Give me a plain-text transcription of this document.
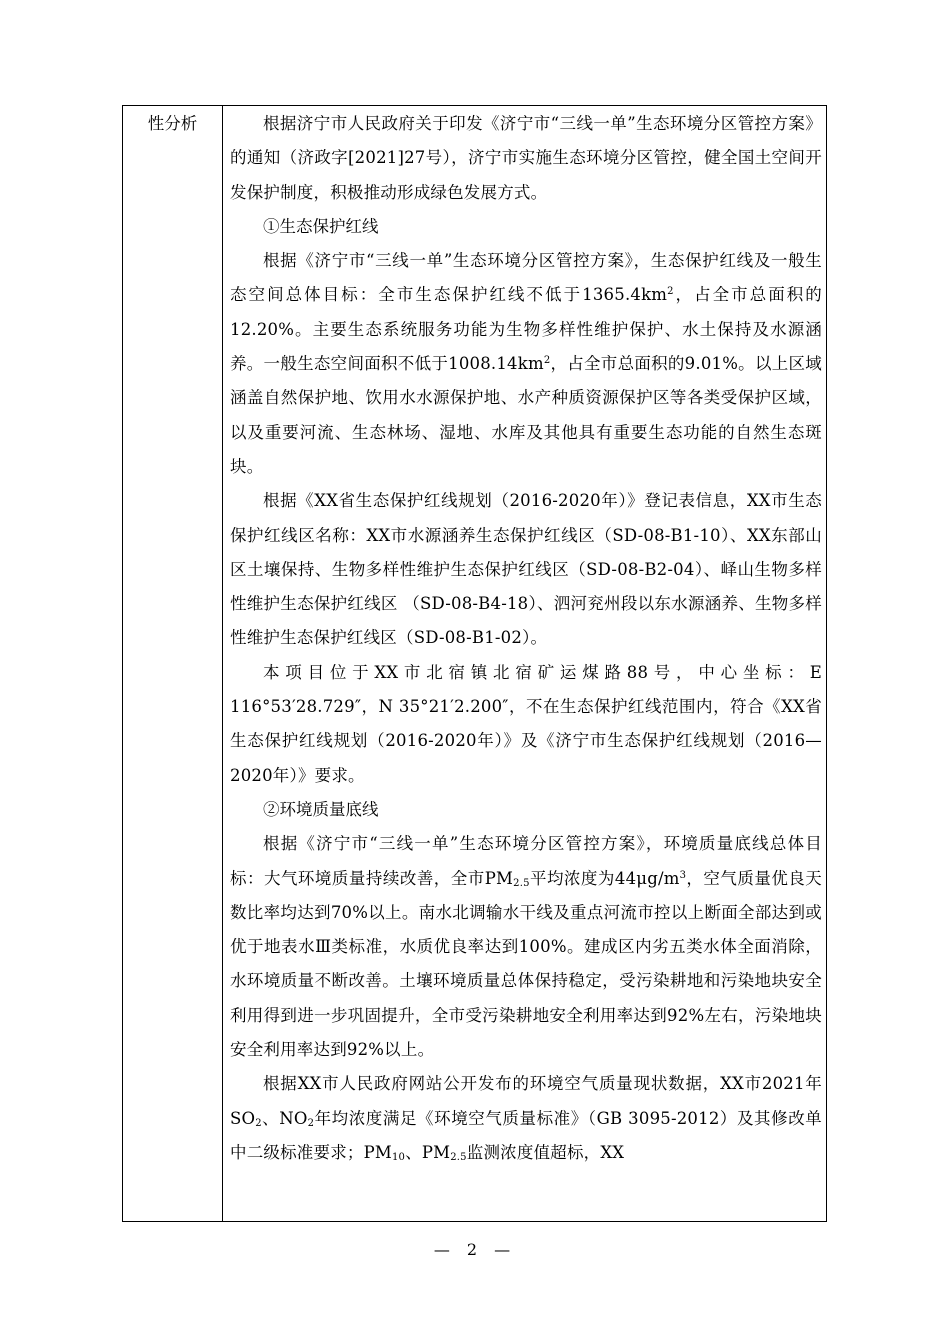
性分析	根据济宁市人民政府关于印发《济宁市“三线一单”生态环境分区管控方案》的通知（济政字[2021]27号），济宁市实施生态环境分区管控，健全国土空间开发保护制度，积极推动形成绿色发展方式。

①生态保护红线

根据《济宁市“三线一单”生态环境分区管控方案》，生态保护红线及一般生态空间总体目标：全市生态保护红线不低于$1365.4km^2$，占全市总面积的12.20%。主要生态系统服务功能为生物多样性维护保护、水土保持及水源涵养。一般生态空间面积不低于$1008.14km^2$，占全市总面积的9.01%。以上区域涵盖自然保护地、饮用水水源保护地、水产种质资源保护区等各类受保护区域，以及重要河流、生态林场、湿地、水库及其他具有重要生态功能的自然生态斑块。

根据《XX省生态保护红线规划（2016-2020年）》登记表信息，XX市生态保护红线区名称：XX市水源涵养生态保护红线区（SD-08-B1-10）、XX东部山区土壤保持、生物多样性维护生态保护红线区（SD-08-B2-04）、峄山生物多样性维护生态保护红线区 （SD-08-B4-18）、泗河兖州段以东水源涵养、生物多样性维护生态保护红线区（SD-08-B1-02）。

本项目位于XX市北宿镇北宿矿运煤路88号，中心坐标：E 116°53′28.729″，N 35°21′2.200″，不在生态保护红线范围内，符合《XX省生态保护红线规划（2016-2020年）》及《济宁市生态保护红线规划（2016—2020年）》要求。

②环境质量底线

根据《济宁市“三线一单”生态环境分区管控方案》，环境质量底线总体目标：大气环境质量持续改善，全市$PM_{2.5}$平均浓度为$44\mu g/m^3$，空气质量优良天数比率均达到70%以上。南水北调输水干线及重点河流市控以上断面全部达到或优于地表水Ⅲ类标准，水质优良率达到100%。建成区内劣五类水体全面消除，水环境质量不断改善。土壤环境质量总体保持稳定，受污染耕地和污染地块安全利用得到进一步巩固提升，全市受污染耕地安全利用率达到92%左右，污染地块安全利用率达到92%以上。

根据XX市人民政府网站公开发布的环境空气质量现状数据，XX市2021年$SO_2$、$NO_2$年均浓度满足《环境空气质量标准》（GB 3095-2012）及其修改单中二级标准要求；$PM_{10}$、$PM_{2.5}$监测浓度值超标，XX

— 2 —
